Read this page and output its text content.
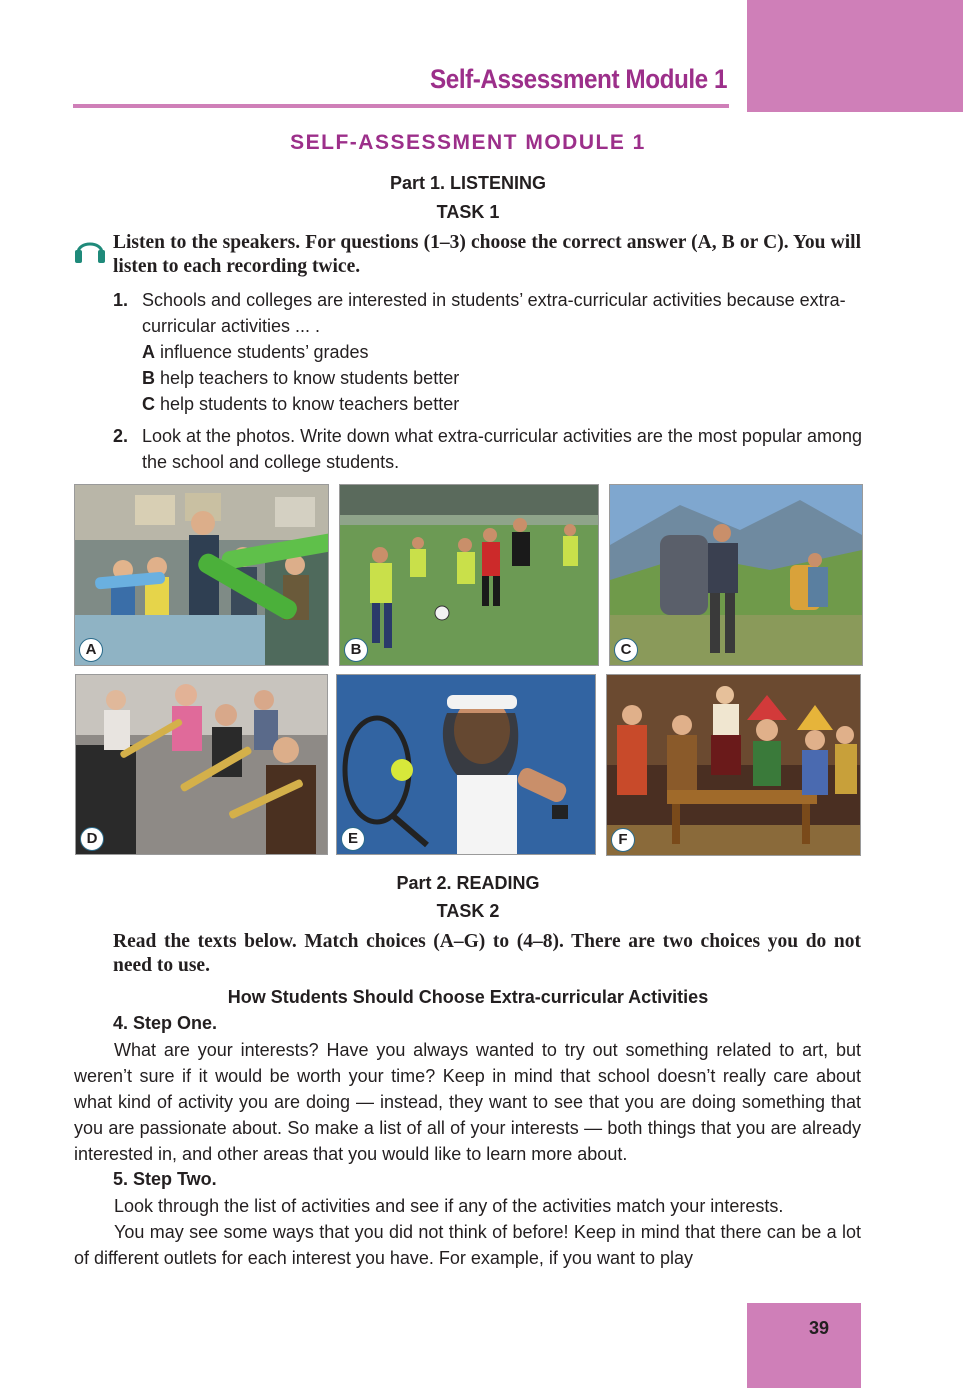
Self-Assessment Module 1
SELF-ASSESSMENT MODULE 1
Part 1. LISTENING
TASK 1
Listen to the speakers. For questions (1–3) choose the correct answer (A, B or C). You will listen to each recording twice.
1. Schools and colleges are interested in students’ extra-curricular activities because extra-curricular activities ... .
A influence students’ grades
B help teachers to know students better
C help students to know teachers better
2. Look at the photos. Write down what extra-curricular activities are the most popular among the school and college students.
A	B	C
D	E	F
Part 2. READING
TASK 2
Read the texts below. Match choices (A–G) to (4–8). There are two choices you do not need to use.
How Students Should Choose Extra-curricular Activities
4. Step One.
What are your interests? Have you always wanted to try out something related to art, but weren’t sure if it would be worth your time? Keep in mind that school doesn’t really care about what kind of activity you are doing — instead, they want to see that you are doing something that you are passionate about. So make a list of all of your interests — both things that you are already interested in, and other areas that you would like to learn more about.
5. Step Two.
Look through the list of activities and see if any of the activities match your interests.
You may see some ways that you did not think of before! Keep in mind that there can be a lot of different outlets for each interest you have. For example, if you want to play
39
